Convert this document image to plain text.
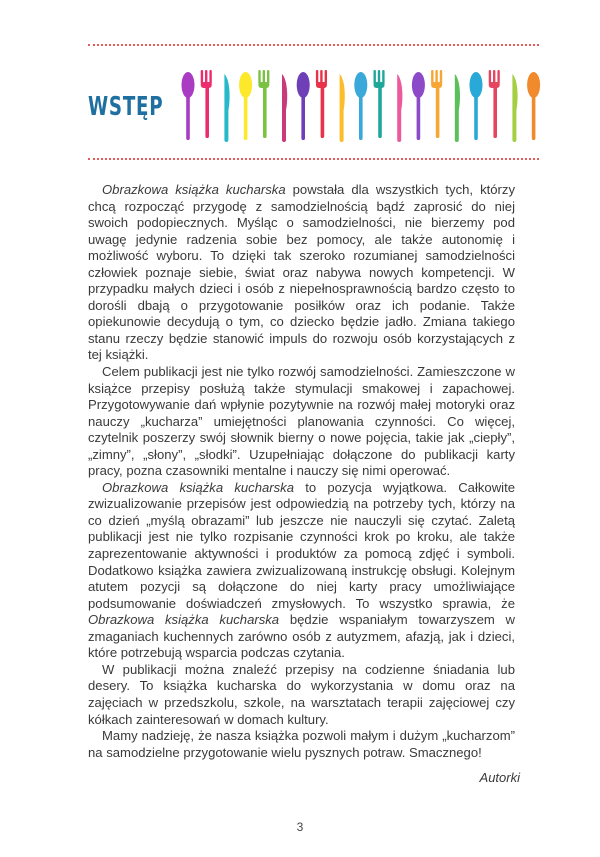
WSTĘP

Obrazkowa książka kucharska powstała dla wszystkich tych, którzy chcą rozpocząć przygodę z samodzielnością bądź zaprosić do niej swoich podopiecznych. Myśląc o samodzielności, nie bierzemy pod uwagę jedynie radzenia sobie bez pomocy, ale także autonomię i możliwość wyboru. To dzięki tak szeroko rozumianej samodzielności człowiek poznaje siebie, świat oraz nabywa nowych kompetencji. W przypadku małych dzieci i osób z niepełnosprawnością bardzo często to dorośli dbają o przygotowanie posiłków oraz ich podanie. Także opiekunowie decydują o tym, co dziecko będzie jadło. Zmiana takiego stanu rzeczy będzie stanowić impuls do rozwoju osób korzystających z tej książki.

Celem publikacji jest nie tylko rozwój samodzielności. Zamieszczone w książce przepisy posłużą także stymulacji smakowej i zapachowej. Przygotowywanie dań wpłynie pozytywnie na rozwój małej motoryki oraz nauczy „kucharza” umiejętności planowania czynności. Co więcej, czytelnik poszerzy swój słownik bierny o nowe pojęcia, takie jak „ciepły”, „zimny”, „słony”, „słodki”. Uzupełniając dołączone do publikacji karty pracy, pozna czasowniki mentalne i nauczy się nimi operować.

Obrazkowa książka kucharska to pozycja wyjątkowa. Całkowite zwizualizowanie przepisów jest odpowiedzią na potrzeby tych, którzy na co dzień „myślą obrazami” lub jeszcze nie nauczyli się czytać. Zaletą publikacji jest nie tylko rozpisanie czynności krok po kroku, ale także zaprezentowanie aktywności i produktów za pomocą zdjęć i symboli. Dodatkowo książka zawiera zwizualizowaną instrukcję obsługi. Kolejnym atutem pozycji są dołączone do niej karty pracy umożliwiające podsumowanie doświadczeń zmysłowych. To wszystko sprawia, że Obrazkowa książka kucharska będzie wspaniałym towarzyszem w zmaganiach kuchennych zarówno osób z autyzmem, afazją, jak i dzieci, które potrzebują wsparcia podczas czytania.

W publikacji można znaleźć przepisy na codzienne śniadania lub desery. To książka kucharska do wykorzystania w domu oraz na zajęciach w przedszkolu, szkole, na warsztatach terapii zajęciowej czy kółkach zainteresowań w domach kultury.

Mamy nadzieję, że nasza książka pozwoli małym i dużym „kucharzom” na samodzielne przygotowanie wielu pysznych potraw. Smacznego!

Autorki
3
